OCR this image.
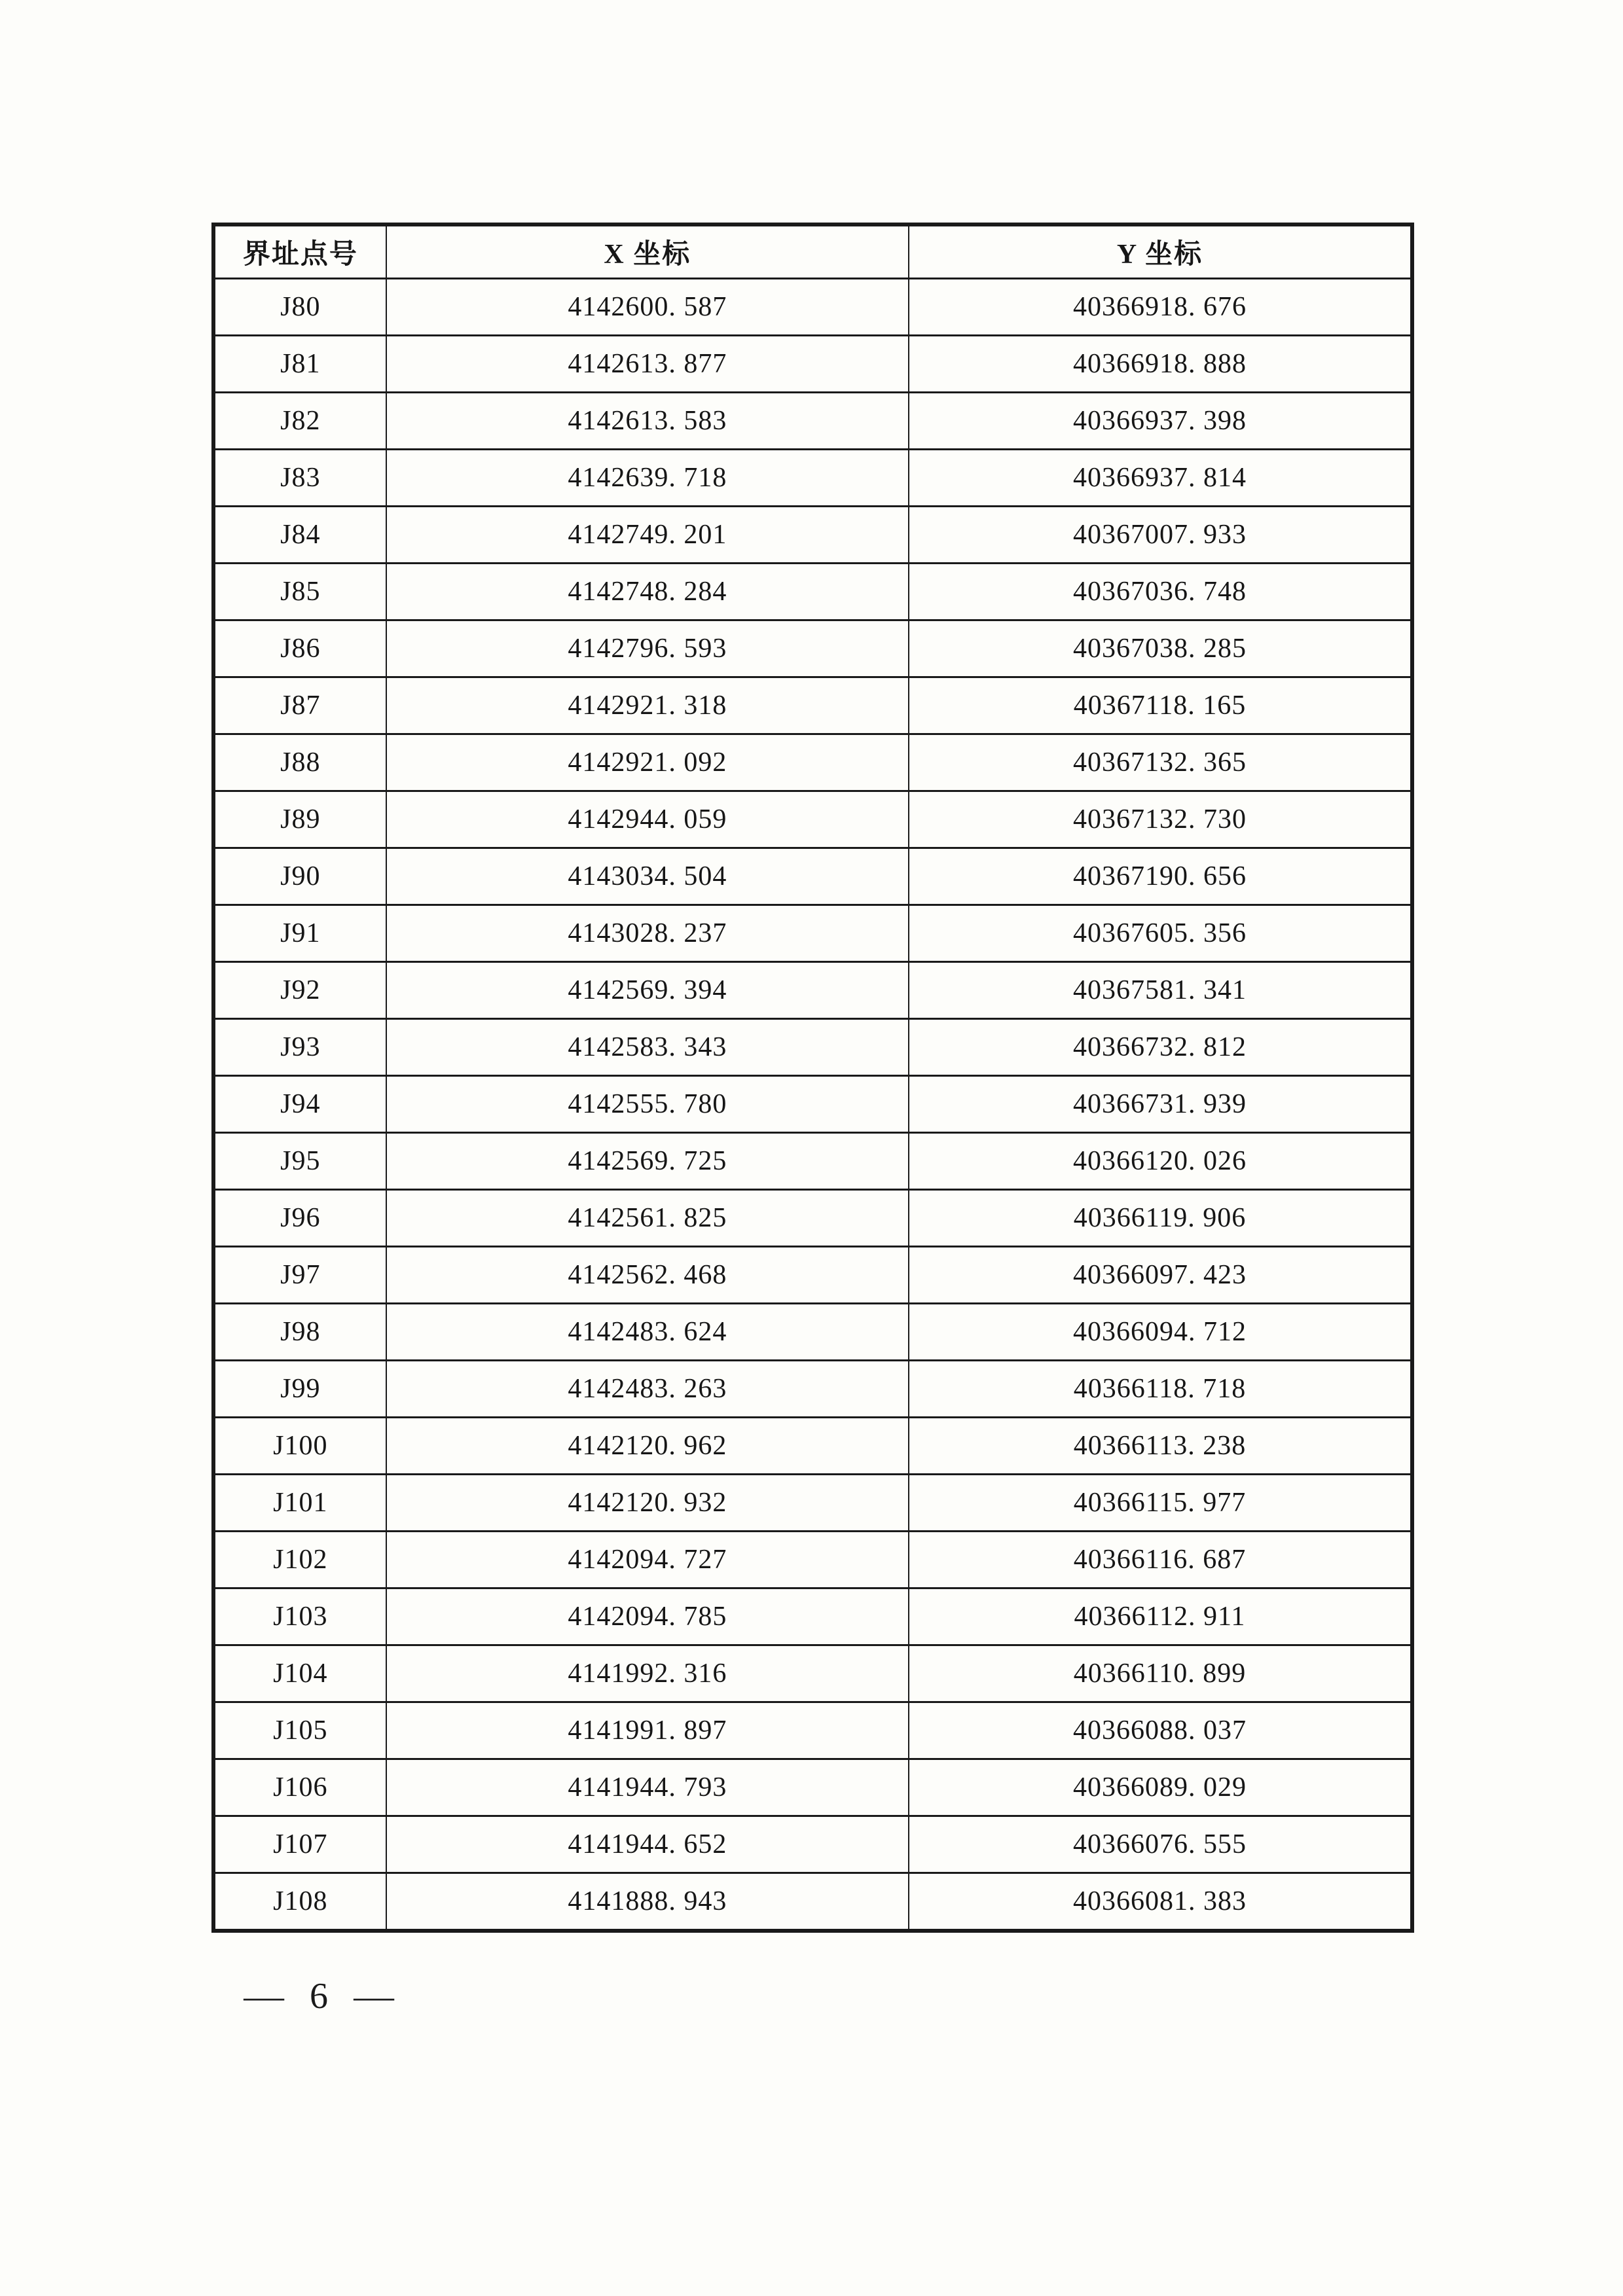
界址点号	X 坐标	Y 坐标
J80	4142600. 587	40366918. 676
J81	4142613. 877	40366918. 888
J82	4142613. 583	40366937. 398
J83	4142639. 718	40366937. 814
J84	4142749. 201	40367007. 933
J85	4142748. 284	40367036. 748
J86	4142796. 593	40367038. 285
J87	4142921. 318	40367118. 165
J88	4142921. 092	40367132. 365
J89	4142944. 059	40367132. 730
J90	4143034. 504	40367190. 656
J91	4143028. 237	40367605. 356
J92	4142569. 394	40367581. 341
J93	4142583. 343	40366732. 812
J94	4142555. 780	40366731. 939
J95	4142569. 725	40366120. 026
J96	4142561. 825	40366119. 906
J97	4142562. 468	40366097. 423
J98	4142483. 624	40366094. 712
J99	4142483. 263	40366118. 718
J100	4142120. 962	40366113. 238
J101	4142120. 932	40366115. 977
J102	4142094. 727	40366116. 687
J103	4142094. 785	40366112. 911
J104	4141992. 316	40366110. 899
J105	4141991. 897	40366088. 037
J106	4141944. 793	40366089. 029
J107	4141944. 652	40366076. 555
J108	4141888. 943	40366081. 383
— 6 —
